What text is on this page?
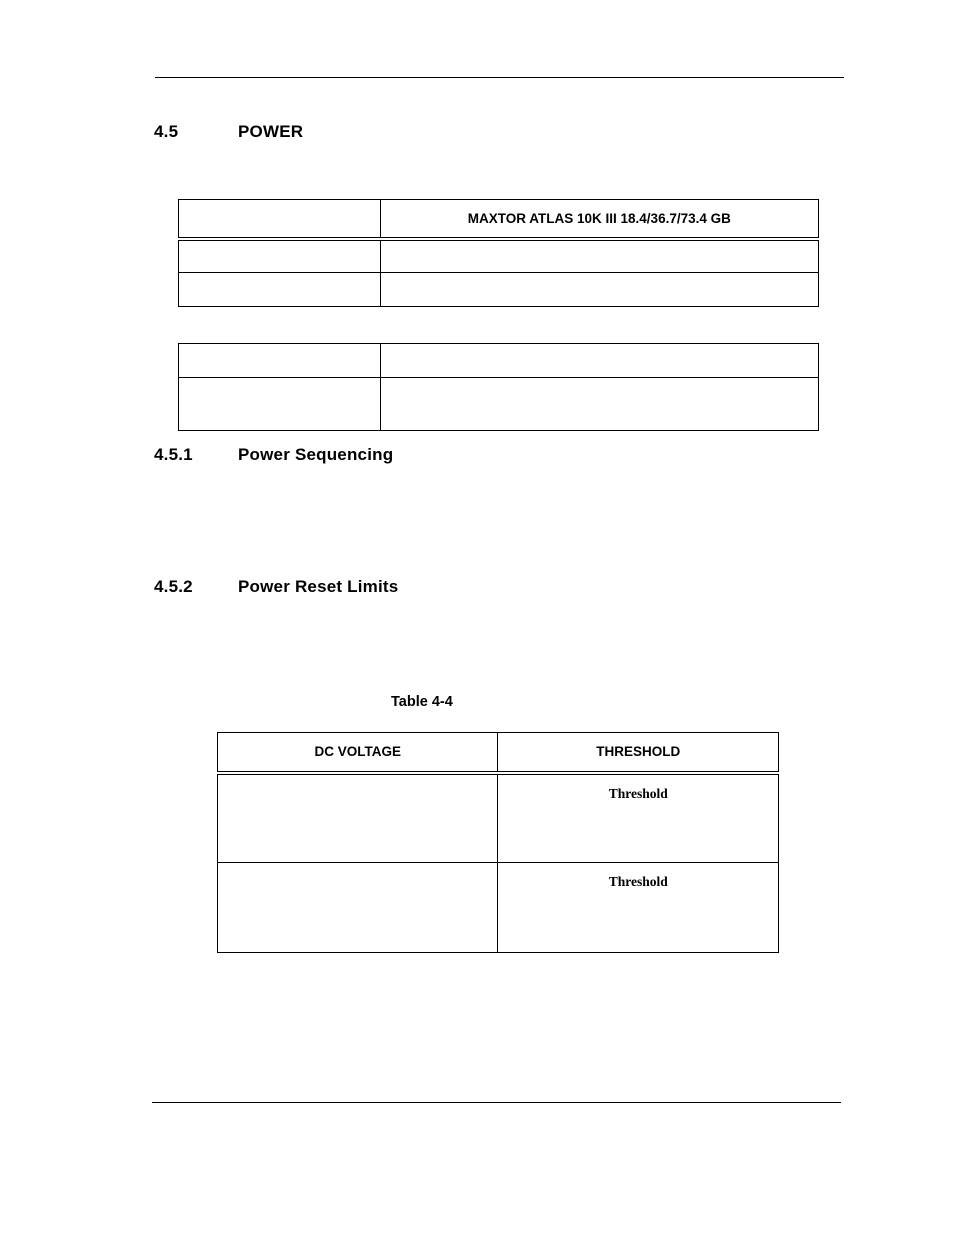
4.5	POWER
	MAXTOR ATLAS 10K III 18.4/36.7/73.4 GB

4.5.1	Power Sequencing
4.5.2	Power Reset Limits
Table 4-4
DC VOLTAGE	THRESHOLD
	Threshold
	Threshold
